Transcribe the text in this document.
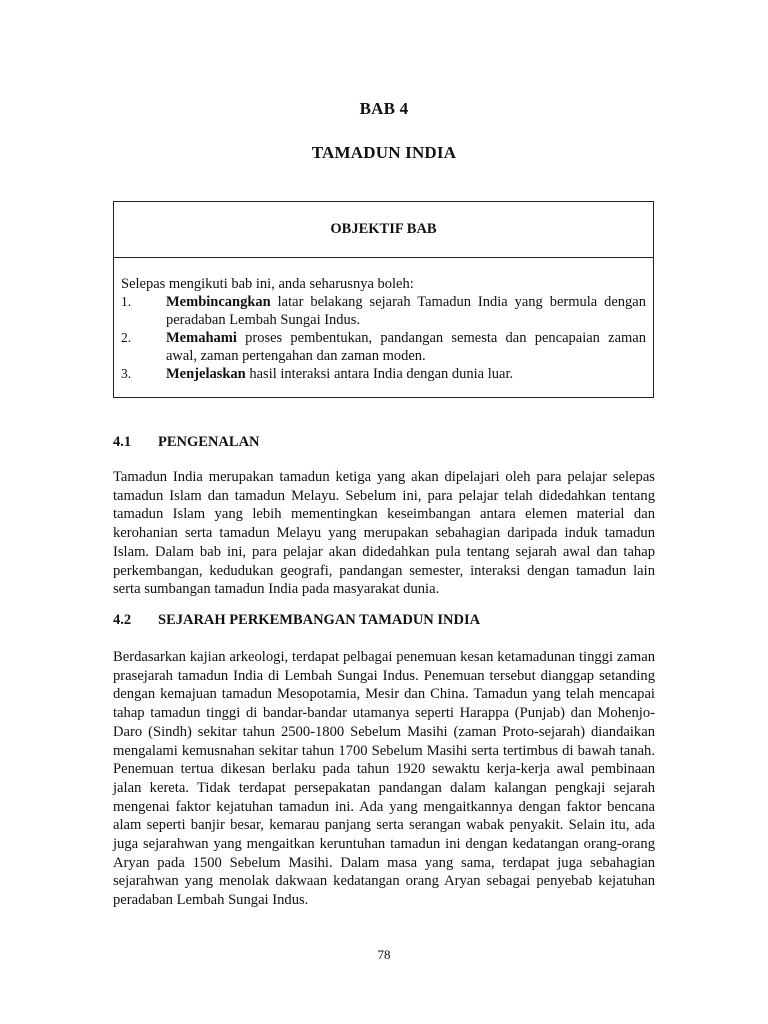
BAB 4
TAMADUN INDIA
OBJEKTIF BAB
Selepas mengikuti bab ini, anda seharusnya boleh:
1.	Membincangkan latar belakang sejarah Tamadun India yang bermula dengan peradaban Lembah Sungai Indus.
2.	Memahami proses pembentukan, pandangan semesta dan pencapaian zaman awal, zaman pertengahan dan zaman moden.
3.	Menjelaskan hasil interaksi antara India dengan dunia luar.
4.1	PENGENALAN

Tamadun India merupakan tamadun ketiga yang akan dipelajari oleh para pelajar selepas tamadun Islam dan tamadun Melayu. Sebelum ini, para pelajar telah didedahkan tentang tamadun Islam yang lebih mementingkan keseimbangan antara elemen material dan kerohanian serta tamadun Melayu yang merupakan sebahagian daripada induk tamadun Islam. Dalam bab ini, para pelajar akan didedahkan pula tentang sejarah awal dan tahap perkembangan, kedudukan geografi, pandangan semester, interaksi dengan tamadun lain serta sumbangan tamadun India pada masyarakat dunia.

4.2	SEJARAH PERKEMBANGAN TAMADUN INDIA

Berdasarkan kajian arkeologi, terdapat pelbagai penemuan kesan ketamadunan tinggi zaman prasejarah tamadun India di Lembah Sungai Indus. Penemuan tersebut dianggap setanding dengan kemajuan tamadun Mesopotamia, Mesir dan China. Tamadun yang telah mencapai tahap tamadun tinggi di bandar-bandar utamanya seperti Harappa (Punjab) dan Mohenjo-Daro (Sindh) sekitar tahun 2500-1800 Sebelum Masihi (zaman Proto-sejarah) diandaikan mengalami kemusnahan sekitar tahun 1700 Sebelum Masihi serta tertimbus di bawah tanah. Penemuan tertua dikesan berlaku pada tahun 1920 sewaktu kerja-kerja awal pembinaan jalan kereta. Tidak terdapat persepakatan pandangan dalam kalangan pengkaji sejarah mengenai faktor kejatuhan tamadun ini. Ada yang mengaitkannya dengan faktor bencana alam seperti banjir besar, kemarau panjang serta serangan wabak penyakit. Selain itu, ada juga sejarahwan yang mengaitkan keruntuhan tamadun ini dengan kedatangan orang-orang Aryan pada 1500 Sebelum Masihi. Dalam masa yang sama, terdapat juga sebahagian sejarahwan yang menolak dakwaan kedatangan orang Aryan sebagai penyebab kejatuhan peradaban Lembah Sungai Indus.

78
